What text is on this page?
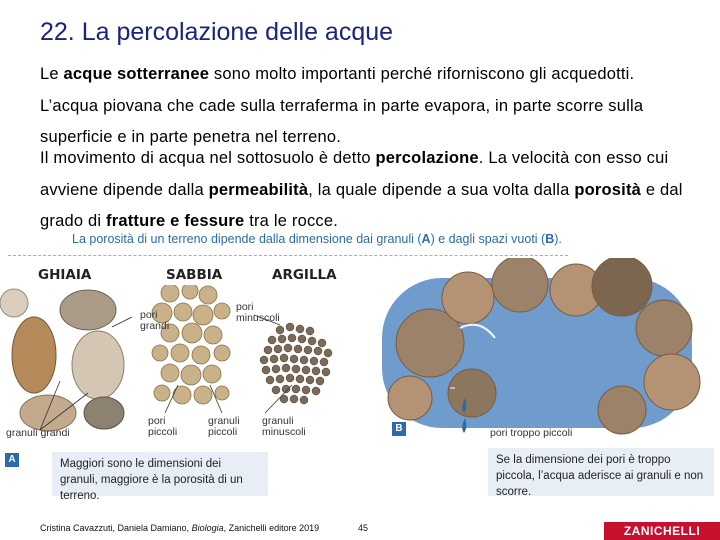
22. La percolazione delle acque
Le acque sotterranee sono molto importanti perché riforniscono gli acquedotti. L’acqua piovana che cade sulla terraferma in parte evapora, in parte scorre sulla superficie e in parte penetra nel terreno.
Il movimento di acqua nel sottosuolo è detto percolazione. La velocità con esso cui avviene dipende dalla permeabilità, la quale dipende a sua volta dalla porosità e dal grado di fratture e fessure tra le rocce.
La porosità di un terreno dipende dalla dimensione dai granuli (A) e dagli spazi vuoti (B).
GHIAIA	SABBIA	ARGILLA
pori
grandi
pori
minuscoli
granuli grandi
pori
piccoli
granuli
piccoli
granuli
minuscoli	pori troppo piccoli
A
B
Maggiori sono le dimensioni dei granuli, maggiore è la porosità di un terreno.
Se la dimensione dei pori è troppo piccola, l’acqua aderisce ai granuli e non scorre.
Cristina Cavazzuti, Daniela Damiano, Biologia, Zanichelli editore 2019	45	ZANICHELLI
